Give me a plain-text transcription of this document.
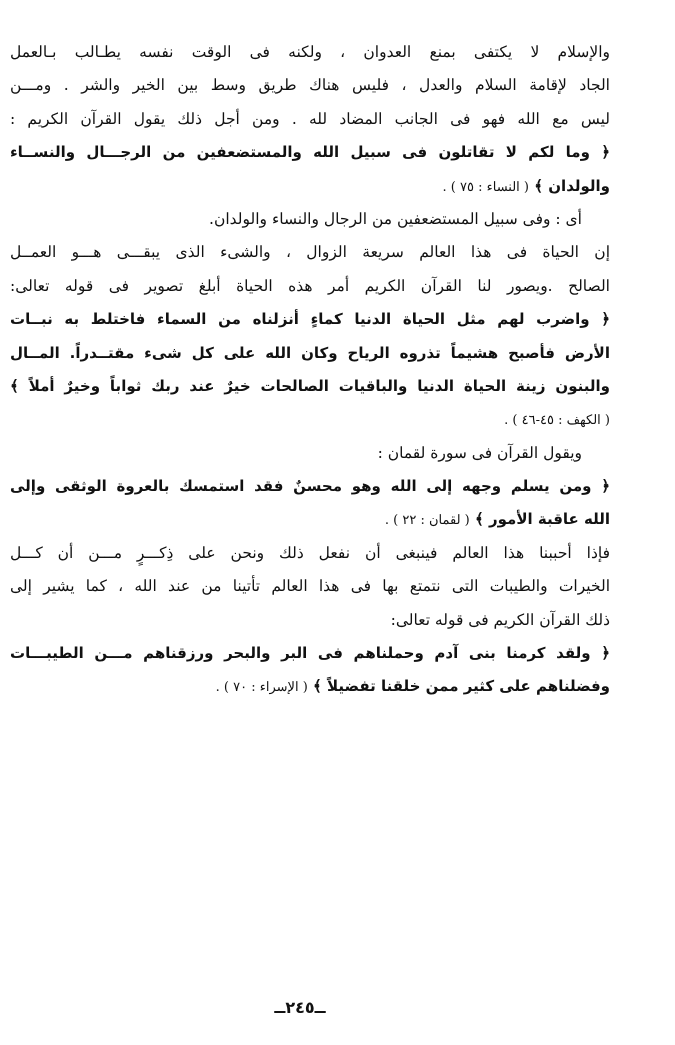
والإسلام لا يكتفى بمنع العدوان ، ولكنه فى الوقت نفسه يطـالب بـالعمل
الجاد لإقامة السلام والعدل ، فليس هناك طريق وسط بين الخير والشر . ومـــن
ليس مع الله فهو فى الجانب المضاد لله . ومن أجل ذلك يقول القرآن الكريم :
﴿ وما لكم لا تقاتلون فى سبيل الله والمستضعفين من الرجـــال والنســاء
والولدان ﴾ ( النساء : ٧٥ ) .
أى : وفى سبيل المستضعفين من الرجال والنساء والولدان.
إن الحياة فى هذا العالم سريعة الزوال ، والشىء الذى يبقـــى هـــو العمــل
الصالح .ويصور لنا القرآن الكريم أمر هذه الحياة أبلغ تصوير فى قوله تعالى:
﴿ واضرب لهم مثل الحياة الدنيا كماءٍ أنزلناه من السماء فاختلط به نبــات
الأرض فأصبح هشيماً تذروه الرياح وكان الله على كل شىء مقتــدراً. المــال
والبنون زينة الحياة الدنيا والباقيات الصالحات خيرٌ عند ربك ثواباً وخيرٌ أملاً ﴾
( الكهف : ٤٥-٤٦ ) .
ويقول القرآن فى سورة لقمان :
﴿ ومن يسلم وجهه إلى الله وهو محسنٌ فقد استمسك بالعروة الوثقى وإلى
الله عاقبة الأمور ﴾ ( لقمان : ٢٢ ) .
فإذا أحببنا هذا العالم فينبغى أن نفعل ذلك ونحن على ذِكـــرٍ مـــن أن كـــل
الخيرات والطيبات التى نتمتع بها فى هذا العالم تأتينا من عند الله ، كما يشير إلى
ذلك القرآن الكريم فى قوله تعالى:
﴿ ولقد كرمنا بنى آدم وحملناهم فى البر والبحر ورزقناهم مـــن الطيبـــات
وفضلناهم على كثير ممن خلقنا تفضيلاً ﴾ ( الإسراء : ٧٠ ) .
ــ٢٤٥ــ
